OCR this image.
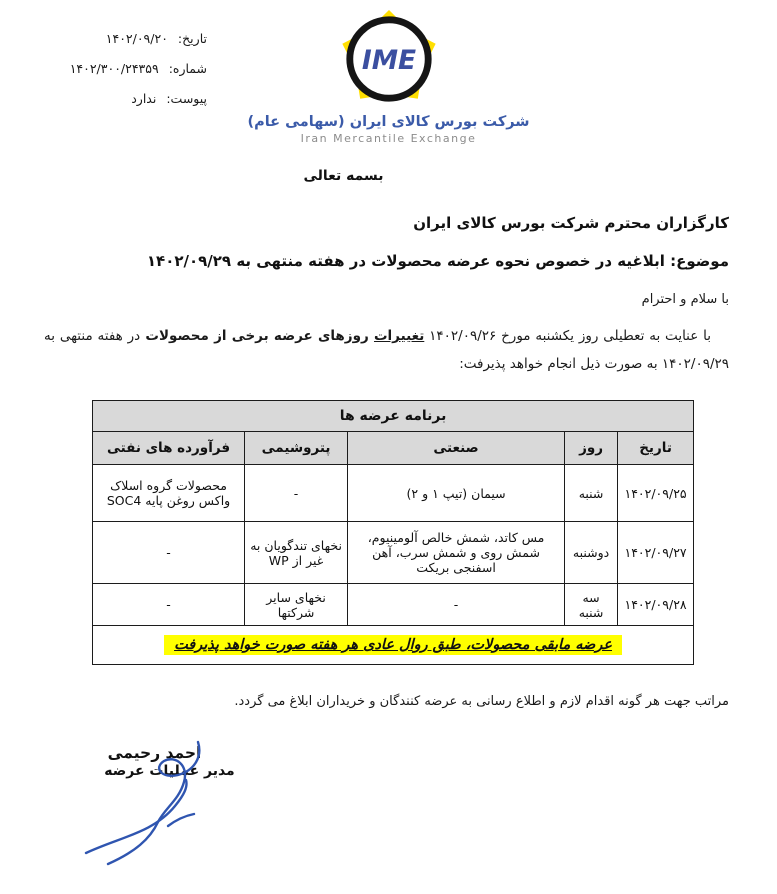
تاریخ: ۱۴۰۲/۰۹/۲۰
شماره: ۱۴۰۲/۳۰۰/۲۴۳۵۹
پیوست: ندارد
IME
شرکت بورس کالای ایران (سهامی عام)
Iran Mercantile Exchange
بسمه تعالی
کارگزاران محترم شرکت بورس کالای ایران
موضوع: ابلاغیه در خصوص نحوه عرضه محصولات در هفته منتهی به ۱۴۰۲/۰۹/۲۹
با سلام و احترام

با عنایت به تعطیلی روز یکشنبه مورخ ۱۴۰۲/۰۹/۲۶ تغییرات روزهای عرضه برخی از محصولات در هفته منتهی به ۱۴۰۲/۰۹/۲۹ به صورت ذیل انجام خواهد پذیرفت:

برنامه عرضه ها				
تاریخ	روز	صنعتی	پتروشیمی	فرآورده های نفتی
۱۴۰۲/۰۹/۲۵	شنبه	سیمان (تیپ ۱ و ۲)	-	محصولات گروه اسلاک واکس روغن پایه SOC4
۱۴۰۲/۰۹/۲۷	دوشنبه	مس کاتد، شمش خالص آلومینیوم، شمش روی و شمش سرب، آهن اسفنجی بریکت	نخهای تندگویان به غیر از WP	-
۱۴۰۲/۰۹/۲۸	سه شنبه	-	نخهای سایر شرکتها	-
عرضه مابقی محصولات، طبق روال عادی هر هفته صورت خواهد پذیرفت				
مراتب جهت هر گونه اقدام لازم و اطلاع رسانی به عرضه کنندگان و خریداران ابلاغ می گردد.
احمد رحیمی
مدیر عملیات عرضه
